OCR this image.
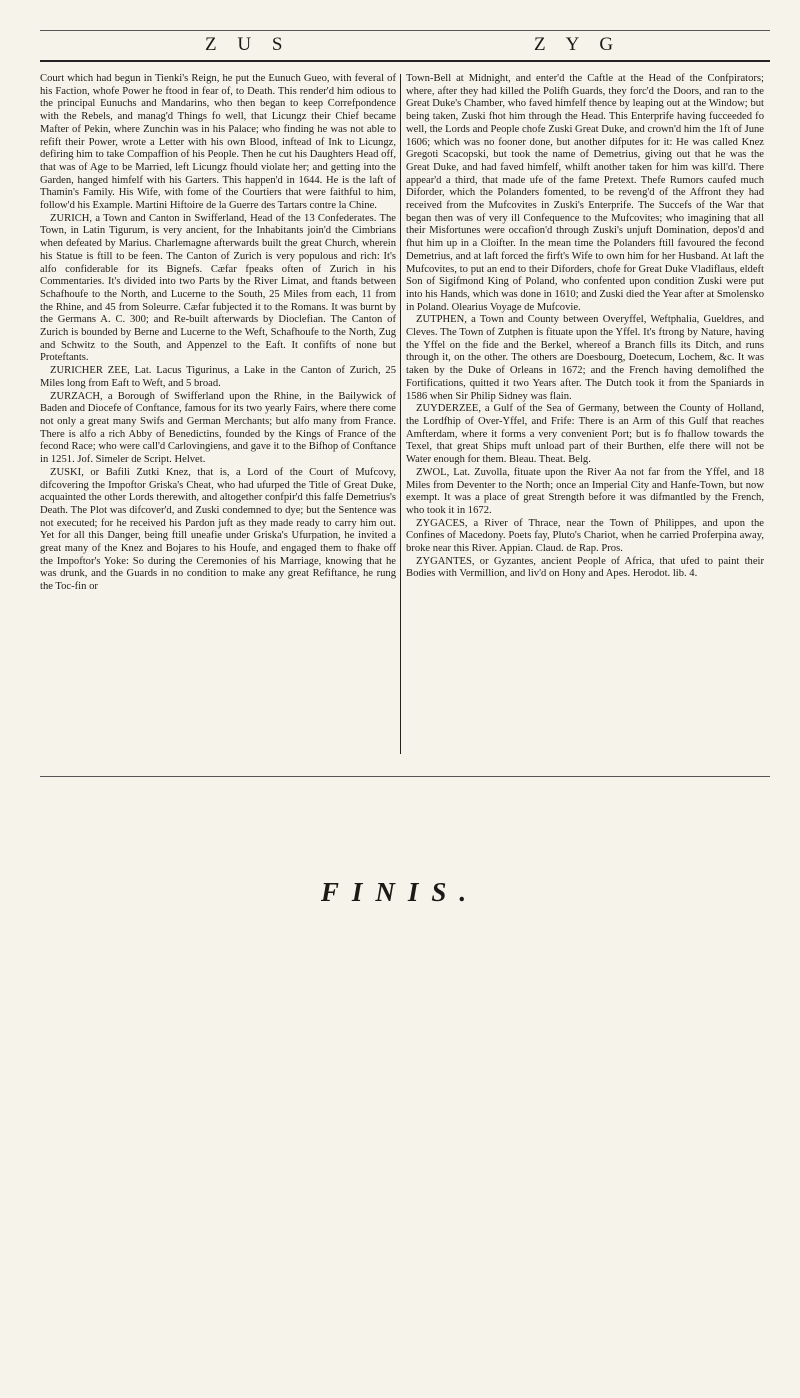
Z U S	Z Y G

Court which had begun in Tienki's Reign, he put the Eunuch Gueo, with feveral of his Faction, whofe Power he ftood in fear of, to Death. This render'd him odious to the principal Eunuchs and Mandarins, who then began to keep Correfpondence with the Rebels, and manag'd Things fo well, that Licungz their Chief became Mafter of Pekin, where Zunchin was in his Palace; who finding he was not able to refift their Power, wrote a Letter with his own Blood, inftead of Ink to Licungz, defiring him to take Compaffion of his People. Then he cut his Daughters Head off, that was of Age to be Married, left Licungz fhould violate her; and getting into the Garden, hanged himfelf with his Garters. This happen'd in 1644. He is the laft of Thamin's Family. His Wife, with fome of the Courtiers that were faithful to him, follow'd his Example. Martini Hiftoire de la Guerre des Tartars contre la Chine.

ZURICH, a Town and Canton in Swifferland, Head of the 13 Confederates. The Town, in Latin Tigurum, is very ancient, for the Inhabitants join'd the Cimbrians when defeated by Marius. Charlemagne afterwards built the great Church, wherein his Statue is ftill to be feen. The Canton of Zurich is very populous and rich: It's alfo confiderable for its Bignefs. Cæfar fpeaks often of Zurich in his Commentaries. It's divided into two Parts by the River Limat, and ftands between Schafhoufe to the North, and Lucerne to the South, 25 Miles from each, 11 from the Rhine, and 45 from Soleurre. Cæfar fubjected it to the Romans. It was burnt by the Germans A. C. 300; and Re-built afterwards by Dioclefian. The Canton of Zurich is bounded by Berne and Lucerne to the Weft, Schafhoufe to the North, Zug and Schwitz to the South, and Appenzel to the Eaft. It confifts of none but Proteftants.

ZURICHER ZEE, Lat. Lacus Tigurinus, a Lake in the Canton of Zurich, 25 Miles long from Eaft to Weft, and 5 broad.

ZURZACH, a Borough of Swifferland upon the Rhine, in the Bailywick of Baden and Diocefe of Conftance, famous for its two yearly Fairs, where there come not only a great many Swifs and German Merchants; but alfo many from France. There is alfo a rich Abby of Benedictins, founded by the Kings of France of the fecond Race; who were call'd Carlovingiens, and gave it to the Bifhop of Conftance in 1251. Jof. Simeler de Script. Helvet.

ZUSKI, or Bafili Zutki Knez, that is, a Lord of the Court of Mufcovy, difcovering the Impoftor Griska's Cheat, who had ufurped the Title of Great Duke, acquainted the other Lords therewith, and altogether confpir'd this falfe Demetrius's Death. The Plot was difcover'd, and Zuski condemned to dye; but the Sentence was not executed; for he received his Pardon juft as they made ready to carry him out. Yet for all this Danger, being ftill uneafie under Griska's Ufurpation, he invited a great many of the Knez and Bojares to his Houfe, and engaged them to fhake off the Impoftor's Yoke: So during the Ceremonies of his Marriage, knowing that he was drunk, and the Guards in no condition to make any great Refiftance, he rung the Toc-fin or

Town-Bell at Midnight, and enter'd the Caftle at the Head of the Confpirators; where, after they had killed the Polifh Guards, they forc'd the Doors, and ran to the Great Duke's Chamber, who faved himfelf thence by leaping out at the Window; but being taken, Zuski fhot him through the Head. This Enterprife having fucceeded fo well, the Lords and People chofe Zuski Great Duke, and crown'd him the 1ft of June 1606; which was no fooner done, but another difputes for it: He was called Knez Gregoti Scacopski, but took the name of Demetrius, giving out that he was the Great Duke, and had faved himfelf, whilft another taken for him was kill'd. There appear'd a third, that made ufe of the fame Pretext. Thefe Rumors caufed much Diforder, which the Polanders fomented, to be reveng'd of the Affront they had received from the Mufcovites in Zuski's Enterprife. The Succefs of the War that began then was of very ill Confequence to the Mufcovites; who imagining that all their Misfortunes were occafion'd through Zuski's unjuft Domination, depos'd and fhut him up in a Cloifter. In the mean time the Polanders ftill favoured the fecond Demetrius, and at laft forced the firft's Wife to own him for her Husband. At laft the Mufcovites, to put an end to their Diforders, chofe for Great Duke Vladiflaus, eldeft Son of Sigifmond King of Poland, who confented upon condition Zuski were put into his Hands, which was done in 1610; and Zuski died the Year after at Smolensko in Poland. Olearius Voyage de Mufcovie.

ZUTPHEN, a Town and County between Overyffel, Weftphalia, Gueldres, and Cleves. The Town of Zutphen is fituate upon the Yffel. It's ftrong by Nature, having the Yffel on the fide and the Berkel, whereof a Branch fills its Ditch, and runs through it, on the other. The others are Doesbourg, Doetecum, Lochem, &c. It was taken by the Duke of Orleans in 1672; and the French having demolifhed the Fortifications, quitted it two Years after. The Dutch took it from the Spaniards in 1586 when Sir Philip Sidney was flain.

ZUYDERZEE, a Gulf of the Sea of Germany, between the County of Holland, the Lordfhip of Over-Yffel, and Frife: There is an Arm of this Gulf that reaches Amfterdam, where it forms a very convenient Port; but is fo fhallow towards the Texel, that great Ships muft unload part of their Burthen, elfe there will not be Water enough for them. Bleau. Theat. Belg.

ZWOL, Lat. Zuvolla, fituate upon the River Aa not far from the Yffel, and 18 Miles from Deventer to the North; once an Imperial City and Hanfe-Town, but now exempt. It was a place of great Strength before it was difmantled by the French, who took it in 1672.

ZYGACES, a River of Thrace, near the Town of Philippes, and upon the Confines of Macedony. Poets fay, Pluto's Chariot, when he carried Proferpina away, broke near this River. Appian. Claud. de Rap. Pros.

ZYGANTES, or Gyzantes, ancient People of Africa, that ufed to paint their Bodies with Vermillion, and liv'd on Hony and Apes. Herodot. lib. 4.

FINIS.
